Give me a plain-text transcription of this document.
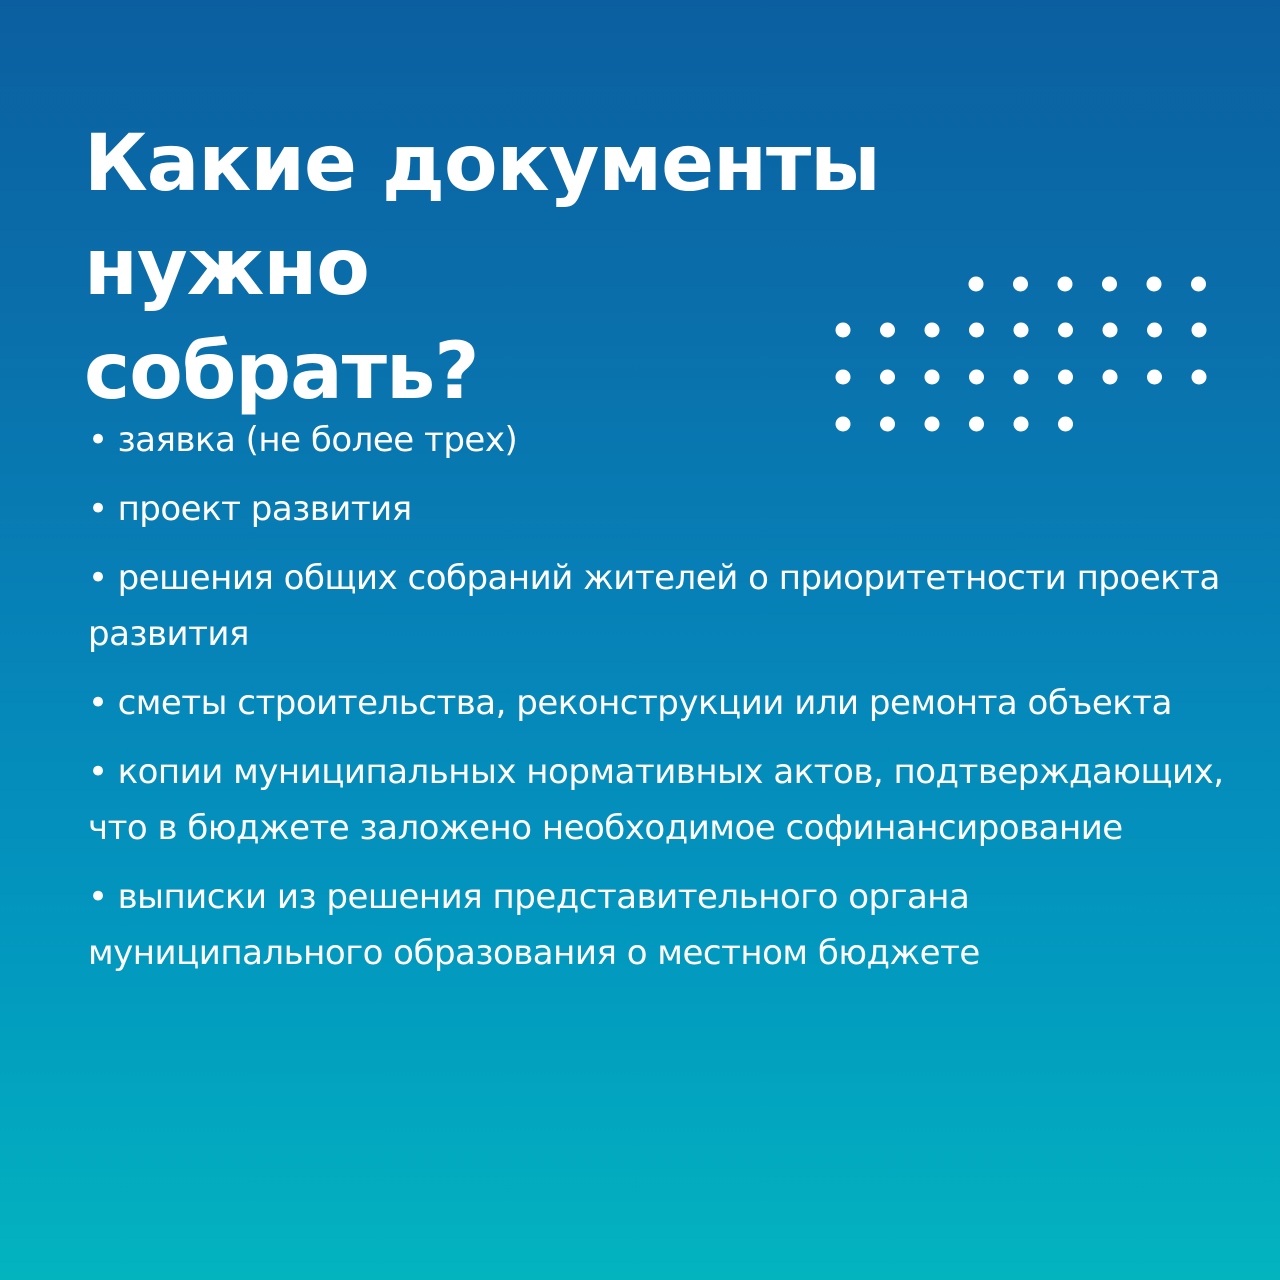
Какие документы нужно
собрать?
• заявка (не более трех)
• проект развития
• решения общих собраний жителей о приоритетности проекта развития
• сметы строительства, реконструкции или ремонта объекта
• копии муниципальных нормативных актов, подтверждающих, что в бюджете заложено необходимое софинансирование
• выписки из решения представительного органа муниципального образования о местном бюджете
